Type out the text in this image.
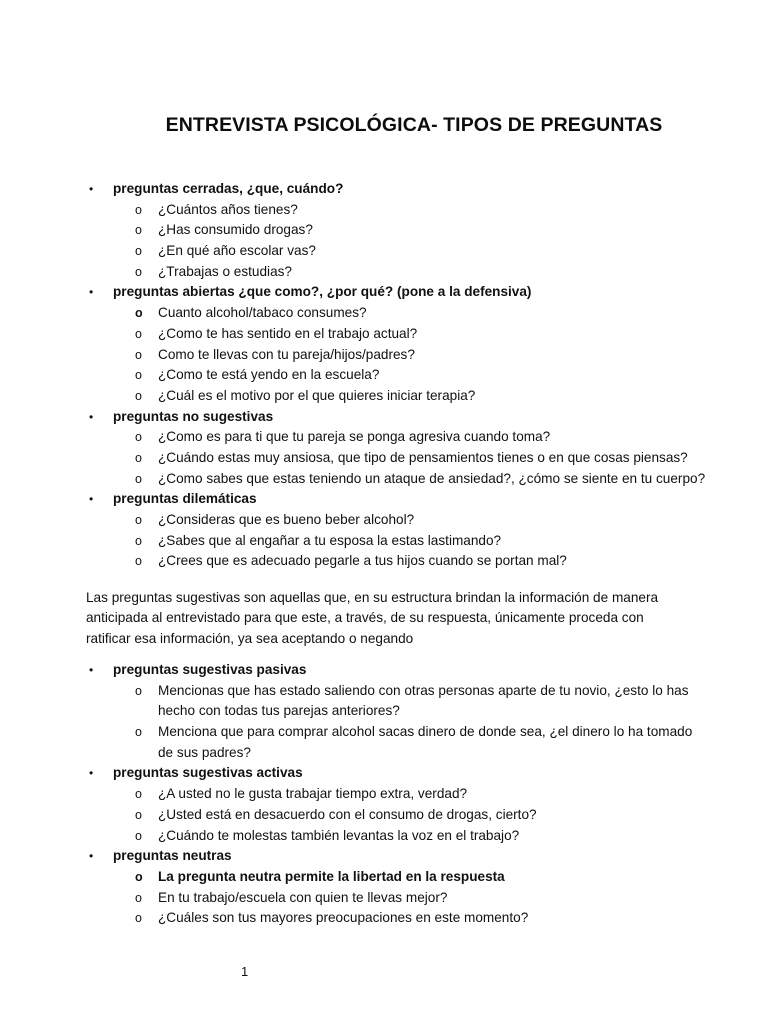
ENTREVISTA PSICOLÓGICA- TIPOS DE PREGUNTAS
• preguntas cerradas, ¿que, cuándo?
o ¿Cuántos años tienes?
o ¿Has consumido drogas?
o ¿En qué año escolar vas?
o ¿Trabajas o estudias?
• preguntas abiertas ¿que como?, ¿por qué? (pone a la defensiva)
o Cuanto alcohol/tabaco consumes?
o ¿Como te has sentido en el trabajo actual?
o Como te llevas con tu pareja/hijos/padres?
o ¿Como te está yendo en la escuela?
o ¿Cuál es el motivo por el que quieres iniciar terapia?
• preguntas no sugestivas
o ¿Como es para ti que tu pareja se ponga agresiva cuando toma?
o ¿Cuándo estas muy ansiosa, que tipo de pensamientos tienes o en que cosas piensas?
o ¿Como sabes que estas teniendo un ataque de ansiedad?, ¿cómo se siente en tu cuerpo?
• preguntas dilemáticas
o ¿Consideras que es bueno beber alcohol?
o ¿Sabes que al engañar a tu esposa la estas lastimando?
o ¿Crees que es adecuado pegarle a tus hijos cuando se portan mal?
Las preguntas sugestivas son aquellas que, en su estructura brindan la información de manera
anticipada al entrevistado para que este, a través, de su respuesta, únicamente proceda con
ratificar esa información, ya sea aceptando o negando
• preguntas sugestivas pasivas
o Mencionas que has estado saliendo con otras personas aparte de tu novio, ¿esto lo has
hecho con todas tus parejas anteriores?
o Menciona que para comprar alcohol sacas dinero de donde sea, ¿el dinero lo ha tomado
de sus padres?
• preguntas sugestivas activas
o ¿A usted no le gusta trabajar tiempo extra, verdad?
o ¿Usted está en desacuerdo con el consumo de drogas, cierto?
o ¿Cuándo te molestas también levantas la voz en el trabajo?
• preguntas neutras
o La pregunta neutra permite la libertad en la respuesta
o En tu trabajo/escuela con quien te llevas mejor?
o ¿Cuáles son tus mayores preocupaciones en este momento?
1
